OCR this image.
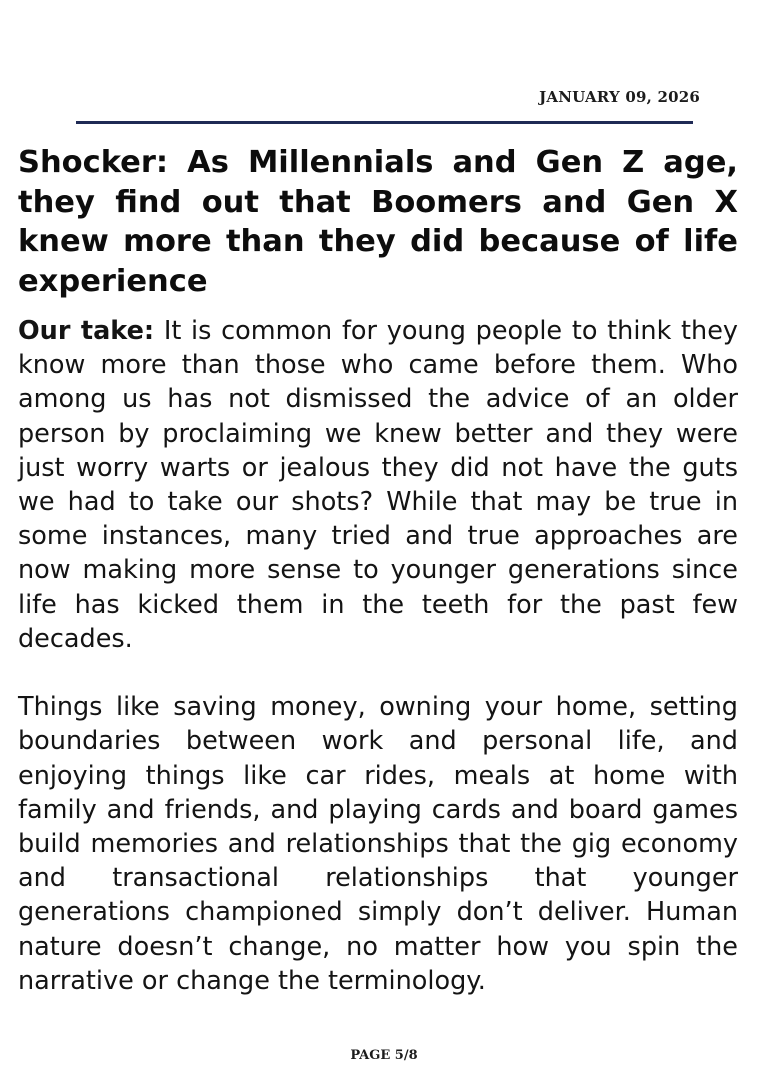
JANUARY 09, 2026

Shocker: As Millennials and Gen Z age, they find out that Boomers and Gen X knew more than they did because of life experience

Our take: It is common for young people to think they know more than those who came before them. Who among us has not dismissed the advice of an older person by proclaiming we knew better and they were just worry warts or jealous they did not have the guts we had to take our shots? While that may be true in some instances, many tried and true approaches are now making more sense to younger generations since life has kicked them in the teeth for the past few decades.

Things like saving money, owning your home, setting boundaries between work and personal life, and enjoying things like car rides, meals at home with family and friends, and playing cards and board games build memories and relationships that the gig economy and transactional relationships that younger generations championed simply don’t deliver. Human nature doesn’t change, no matter how you spin the narrative or change the terminology.

PAGE 5/8
